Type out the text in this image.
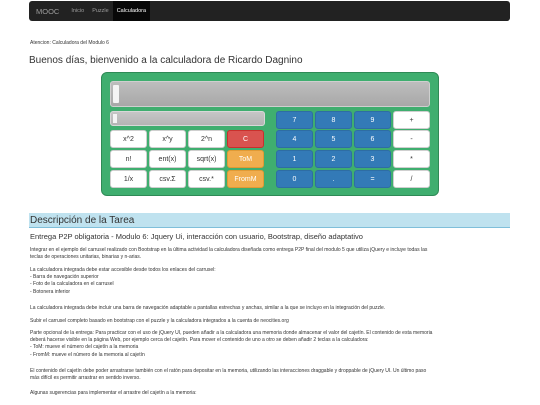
MOOC	Inicio	Puzzle	Calculadora
Atencion: Calculadora del Modulo 6
Buenos días, bienvenido a la calculadora de Ricardo Dagnino
x^2	x^y	2^n	C
n!	ent(x)	sqrt(x)	ToM
1/x	csv.Σ	csv.*	FromM
7	8	9	+
4	5	6	-
1	2	3	*
0	.	=	/
Descripción de la Tarea
Entrega P2P obligatoria - Modulo 6: Jquery Ui, interacción con usuario, Bootstrap, diseño adaptativo
Integrar en el ejemplo del carrusel realizado con Bootstrap en la última actividad la calculadora diseñada como entrega P2P final del modulo 5 que utiliza jQuery e incluye todas las
teclas de operaciones unitarias, binarias y n-arias.
La calculadora integrada debe estar accesible desde todos los enlaces del carrusel:
- Barra de navegación superior
- Foto de la calculadora en el carrusel
- Botonera inferior
La calculadora integrada debe incluir una barra de navegación adaptable a pantallas estrechas y anchas, similar a la que se incluyo en la integración del puzzle.
Subir el carrusel completo basado en bootstrap con el puzzle y la calculadora integrados a la cuenta de neocities.org
Parte opcional de la entrega: Para practicar con el uso de jQuery UI, pueden añadir a la calculadora una memoria donde almacenar el valor del cajetín. El contenido de esta memoria
deberá hacerse visible en la página Web, por ejemplo cerca del cajetín. Para mover el contenido de uno a otro se deben añadir 2 teclas a la calculadora:
- ToM: mueve el número del cajetín a la memoria
- FromM: mueve el número de la memoria al cajetín
El contenido del cajetín debe poder arrastrarse también con el ratón para depositar en la memoria, utilizando las interacciones draggable y droppable de jQuery UI. Un último paso
más difícil es permitir arrastrar en sentido inverso.
Algunas sugerencias para implementar el arrastre del cajetín a la memoria:
